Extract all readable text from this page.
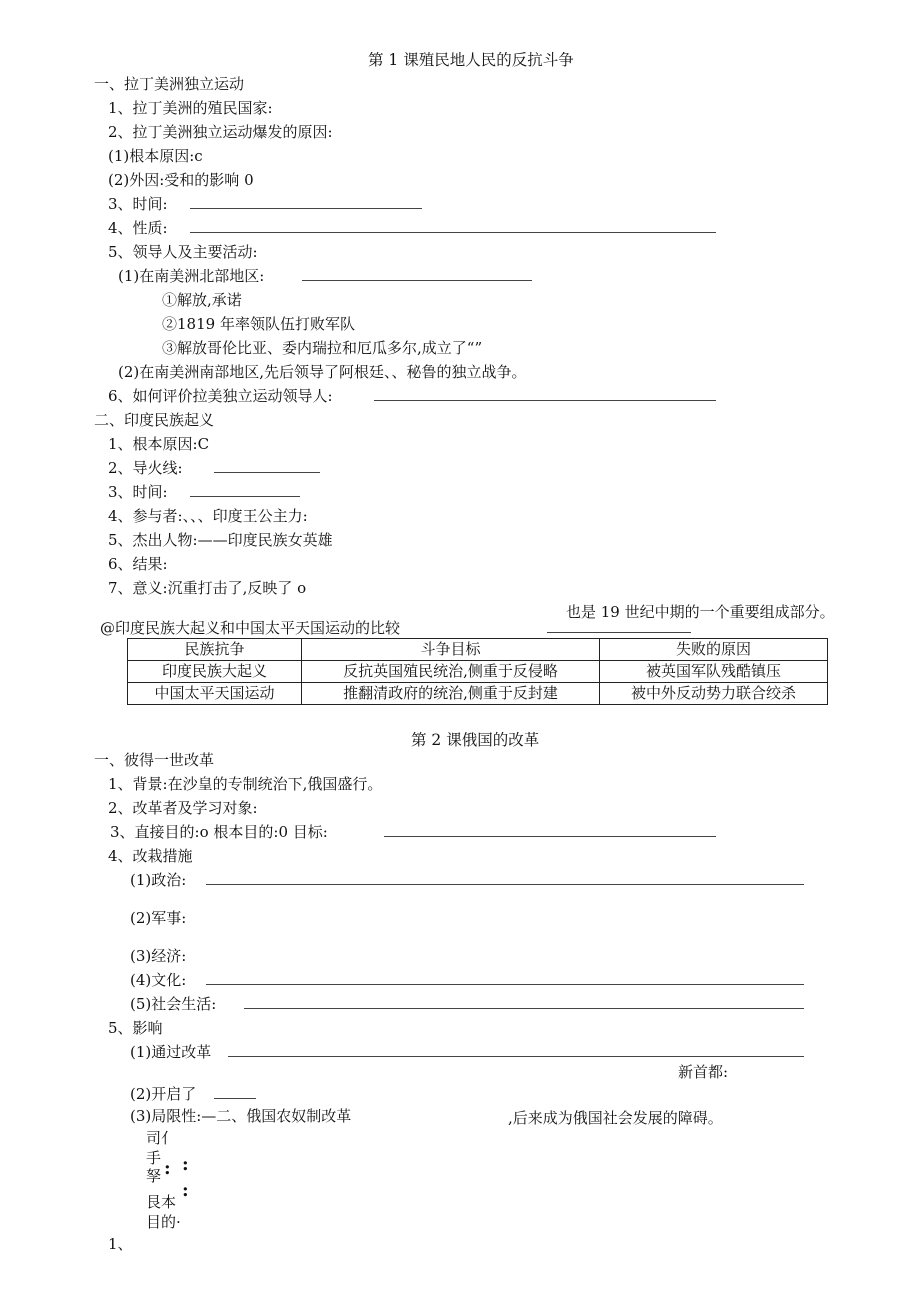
第 1 课殖民地人民的反抗斗争
一、拉丁美洲独立运动
1、拉丁美洲的殖民国家:
2、拉丁美洲独立运动爆发的原因:
(1)根本原因:c
(2)外因:受和的影响 0
3、时间:
4、性质:
5、领导人及主要活动:
(1)在南美洲北部地区:
①解放,承诺
②1819 年率领队伍打败军队
③解放哥伦比亚、委内瑞拉和厄瓜多尔,成立了“”
(2)在南美洲南部地区,先后领导了阿根廷、、秘鲁的独立战争。
6、如何评价拉美独立运动领导人:
二、印度民族起义
1、根本原因:C
2、导火线:
3、时间:
4、参与者:、、、印度王公主力:
5、杰出人物:——印度民族女英雄
6、结果:
7、意义:沉重打击了,反映了 o
也是 19 世纪中期的一个重要组成部分。
@印度民族大起义和中国太平天国运动的比较
民族抗争	斗争目标	失败的原因
印度民族大起义	反抗英国殖民统治,侧重于反侵略	被英国军队残酷镇压
中国太平天国运动	推翻清政府的统治,侧重于反封建	被中外反动势力联合绞杀
第 2 课俄国的改革
一、彼得一世改革
1、背景:在沙皇的专制统治下,俄国盛行。
2、改革者及学习对象:
3、直接目的:o 根本目的:0 目标:
4、改栽措施
(1)政治:
(2)军事:
(3)经济:
(4)文化:
(5)社会生活:
5、影响
(1)通过改革
新首都:
(2)开启了
(3)局限性:—二、俄国农奴制改革	,后来成为俄国社会发展的障碍。
司亻
手
孥 : :
:
艮本
目的·
1、
